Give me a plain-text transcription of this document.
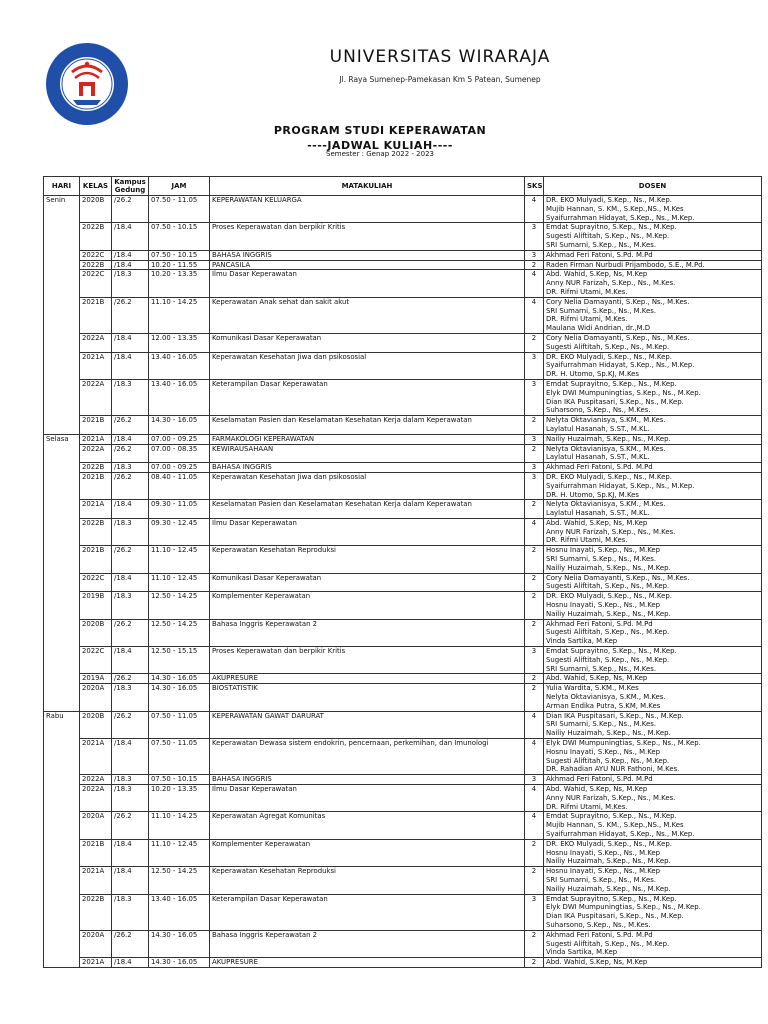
UNIVERSITAS WIRARAJA
Jl. Raya Sumenep-Pamekasan Km 5 Patean, Sumenep
PROGRAM STUDI KEPERAWATAN
----JADWAL KULIAH----
Semester : Genap 2022 - 2023
HARI	KELAS	Kampus Gedung	JAM	MATAKULIAH	SKS	DOSEN
Senin	2020B	/26.2	07.50 - 11.05	KEPERAWATAN KELUARGA	4	DR. EKO Mulyadi, S.Kep., Ns., M.Kep.
Mujib Hannan, S. KM., S.Kep.,NS., M.Kes
Syaifurrahman Hidayat, S.Kep., Ns., M.Kep.

	2022B	/18.4	07.50 - 10.15	Proses Keperawatan dan berpikir Kritis	3	Emdat Suprayitno, S.Kep., Ns., M.Kep.
Sugesti Aliftitah, S.Kep., Ns., M.Kep.
SRI Sumarni, S.Kep., Ns., M.Kes.

	2022C	/18.4	07.50 - 10.15	BAHASA INGGRIS	3	Akhmad Feri Fatoni, S.Pd. M.Pd

	2022B	/18.4	10.20 - 11.55	PANCASILA	2	Raden Firman Nurbudi Prijambodo, S.E., M.Pd.

	2022C	/18.3	10.20 - 13.35	Ilmu Dasar Keperawatan	4	Abd. Wahid, S.Kep, Ns, M.Kep
Anny NUR Farizah, S.Kep., Ns., M.Kes.
DR. Rifmi Utami, M.Kes.

	2021B	/26.2	11.10 - 14.25	Keperawatan Anak sehat dan sakit akut	4	Cory Nelia Damayanti, S.Kep., Ns., M.Kes.
SRI Sumarni, S.Kep., Ns., M.Kes.
DR. Rifmi Utami, M.Kes.
Maulana Widi Andrian, dr.,M.D

	2022A	/18.4	12.00 - 13.35	Komunikasi Dasar Keperawatan	2	Cory Nelia Damayanti, S.Kep., Ns., M.Kes.
Sugesti Aliftitah, S.Kep., Ns., M.Kep.

	2021A	/18.4	13.40 - 16.05	Keperawatan Kesehatan Jiwa dan psikososial	3	DR. EKO Mulyadi, S.Kep., Ns., M.Kep.
Syaifurrahman Hidayat, S.Kep., Ns., M.Kep.
DR. H. Utomo, Sp.KJ, M.Kes

	2022A	/18.3	13.40 - 16.05	Keterampilan Dasar Keperawatan	3	Emdat Suprayitno, S.Kep., Ns., M.Kep.
Elyk DWI Mumpuningtias, S.Kep., Ns., M.Kep.
Dian IKA Puspitasari, S.Kep., Ns., M.Kep.
Suharsono, S.Kep., Ns., M.Kes.

	2021B	/26.2	14.30 - 16.05	Keselamatan Pasien dan Keselamatan Kesehatan Kerja dalam Keperawatan	2	Nelyta Oktavianisya, S.KM., M.Kes.
Laylatul Hasanah, S.ST., M.KL.

Selasa	2021A	/18.4	07.00 - 09.25	FARMAKOLOGI KEPERAWATAN	3	Nailiy Huzaimah, S.Kep., Ns., M.Kep.

	2022A	/26.2	07.00 - 08.35	KEWIRAUSAHAAN	2	Nelyta Oktavianisya, S.KM., M.Kes.
Laylatul Hasanah, S.ST., M.KL.

	2022B	/18.3	07.00 - 09.25	BAHASA INGGRIS	3	Akhmad Feri Fatoni, S.Pd. M.Pd

	2021B	/26.2	08.40 - 11.05	Keperawatan Kesehatan Jiwa dan psikososial	3	DR. EKO Mulyadi, S.Kep., Ns., M.Kep.
Syaifurrahman Hidayat, S.Kep., Ns., M.Kep.
DR. H. Utomo, Sp.KJ, M.Kes

	2021A	/18.4	09.30 - 11.05	Keselamatan Pasien dan Keselamatan Kesehatan Kerja dalam Keperawatan	2	Nelyta Oktavianisya, S.KM., M.Kes.
Laylatul Hasanah, S.ST., M.KL.

	2022B	/18.3	09.30 - 12.45	Ilmu Dasar Keperawatan	4	Abd. Wahid, S.Kep, Ns, M.Kep
Anny NUR Farizah, S.Kep., Ns., M.Kes.
DR. Rifmi Utami, M.Kes.

	2021B	/26.2	11.10 - 12.45	Keperawatan Kesehatan Reproduksi	2	Hosnu Inayati, S.Kep., Ns., M.Kep
SRI Sumarni, S.Kep., Ns., M.Kes.
Nailiy Huzaimah, S.Kep., Ns., M.Kep.

	2022C	/18.4	11.10 - 12.45	Komunikasi Dasar Keperawatan	2	Cory Nelia Damayanti, S.Kep., Ns., M.Kes.
Sugesti Aliftitah, S.Kep., Ns., M.Kep.

	2019B	/18.3	12.50 - 14.25	Komplementer Keperawatan	2	DR. EKO Mulyadi, S.Kep., Ns., M.Kep.
Hosnu Inayati, S.Kep., Ns., M.Kep
Nailiy Huzaimah, S.Kep., Ns., M.Kep.

	2020B	/26.2	12.50 - 14.25	Bahasa Inggris Keperawatan 2	2	Akhmad Feri Fatoni, S.Pd. M.Pd
Sugesti Aliftitah, S.Kep., Ns., M.Kep.
Vinda Sartika, M.Kep

	2022C	/18.4	12.50 - 15.15	Proses Keperawatan dan berpikir Kritis	3	Emdat Suprayitno, S.Kep., Ns., M.Kep.
Sugesti Aliftitah, S.Kep., Ns., M.Kep.
SRI Sumarni, S.Kep., Ns., M.Kes.

	2019A	/26.2	14.30 - 16.05	AKUPRESURE	2	Abd. Wahid, S.Kep, Ns, M.Kep

	2020A	/18.3	14.30 - 16.05	BIOSTATISTIK	2	Yulia Wardita, S.KM., M.Kes
Nelyta Oktavianisya, S.KM., M.Kes.
Arman Endika Putra, S.KM, M.Kes

Rabu	2020B	/26.2	07.50 - 11.05	KEPERAWATAN GAWAT DARURAT	4	Dian IKA Puspitasari, S.Kep., Ns., M.Kep.
SRI Sumarni, S.Kep., Ns., M.Kes.
Nailiy Huzaimah, S.Kep., Ns., M.Kep.

	2021A	/18.4	07.50 - 11.05	Keperawatan Dewasa sistem endokrin, pencernaan, perkemihan, dan Imunologi	4	Elyk DWI Mumpuningtias, S.Kep., Ns., M.Kep.
Hosnu Inayati, S.Kep., Ns., M.Kep
Sugesti Aliftitah, S.Kep., Ns., M.Kep.
DR. Rahadian AYU NUR Fathoni, M.Kes.

	2022A	/18.3	07.50 - 10.15	BAHASA INGGRIS	3	Akhmad Feri Fatoni, S.Pd. M.Pd

	2022A	/18.3	10.20 - 13.35	Ilmu Dasar Keperawatan	4	Abd. Wahid, S.Kep, Ns, M.Kep
Anny NUR Farizah, S.Kep., Ns., M.Kes.
DR. Rifmi Utami, M.Kes.

	2020A	/26.2	11.10 - 14.25	Keperawatan Agregat Komunitas	4	Emdat Suprayitno, S.Kep., Ns., M.Kep.
Mujib Hannan, S. KM., S.Kep.,NS., M.Kes
Syaifurrahman Hidayat, S.Kep., Ns., M.Kep.

	2021B	/18.4	11.10 - 12.45	Komplementer Keperawatan	2	DR. EKO Mulyadi, S.Kep., Ns., M.Kep.
Hosnu Inayati, S.Kep., Ns., M.Kep
Nailiy Huzaimah, S.Kep., Ns., M.Kep.

	2021A	/18.4	12.50 - 14.25	Keperawatan Kesehatan Reproduksi	2	Hosnu Inayati, S.Kep., Ns., M.Kep
SRI Sumarni, S.Kep., Ns., M.Kes.
Nailiy Huzaimah, S.Kep., Ns., M.Kep.

	2022B	/18.3	13.40 - 16.05	Keterampilan Dasar Keperawatan	3	Emdat Suprayitno, S.Kep., Ns., M.Kep.
Elyk DWI Mumpuningtias, S.Kep., Ns., M.Kep.
Dian IKA Puspitasari, S.Kep., Ns., M.Kep.
Suharsono, S.Kep., Ns., M.Kes.

	2020A	/26.2	14.30 - 16.05	Bahasa Inggris Keperawatan 2	2	Akhmad Feri Fatoni, S.Pd. M.Pd
Sugesti Aliftitah, S.Kep., Ns., M.Kep.
Vinda Sartika, M.Kep

	2021A	/18.4	14.30 - 16.05	AKUPRESURE	2	Abd. Wahid, S.Kep, Ns, M.Kep
